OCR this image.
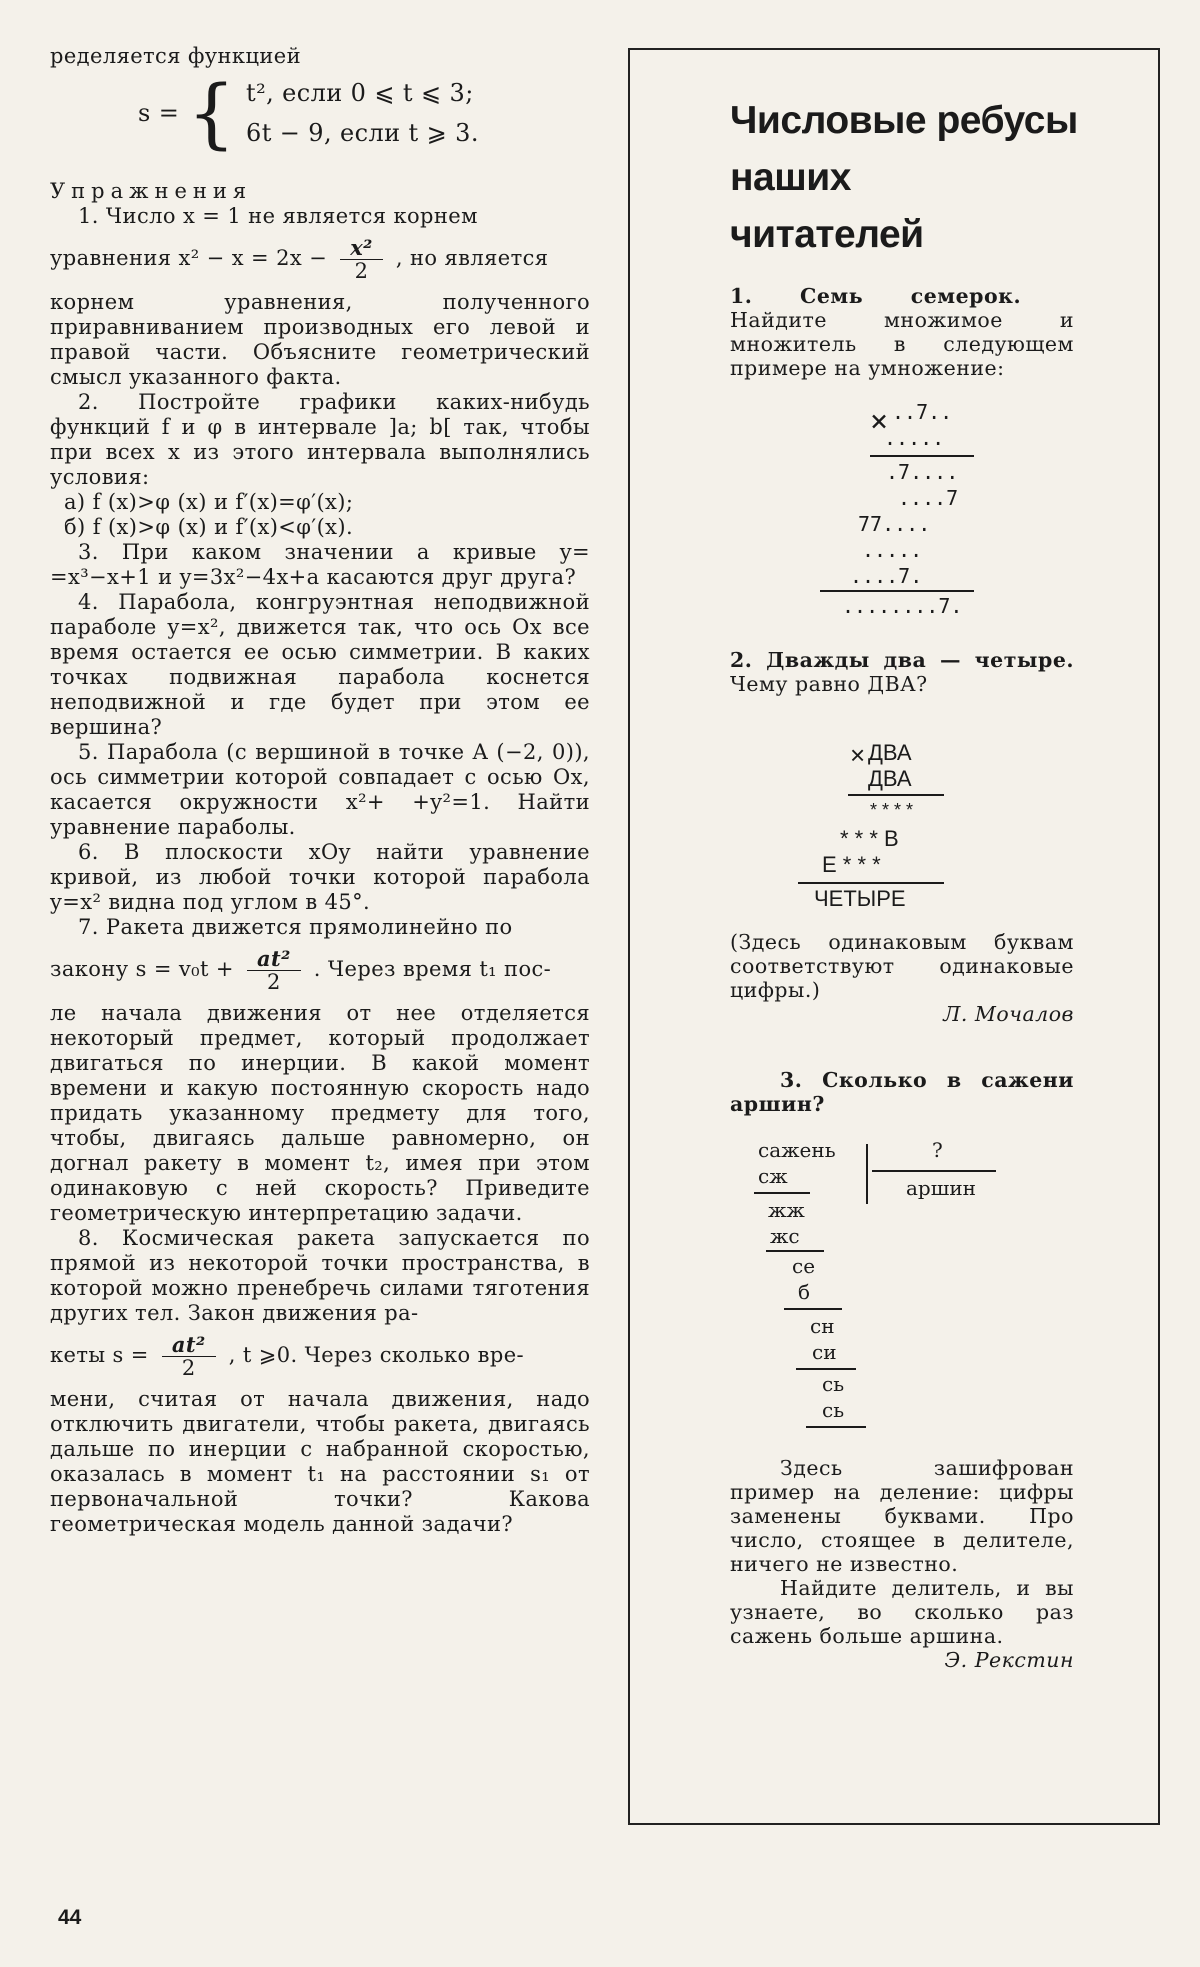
ределяется функцией

s = { t², если 0 ⩽ t ⩽ 3;
6t − 9, если t ⩾ 3.

Упражнения

1. Число x = 1 не является корнем

уравнения $x^2 - x = 2x - \frac{\text{x²}}{2}$ , но является

корнем уравнения, полученного приравниванием производных его левой и правой части. Объясните геометрический смысл указанного факта.

2. Постройте графики каких-нибудь функций f и φ в интервале ]a; b[ так, чтобы при всех x из этого интервала выполнялись условия:

а) f (x)>φ (x) и f′(x)=φ′(x);

б) f (x)>φ (x) и f′(x)<φ′(x).

3. При каком значении a кривые y= =x³−x+1 и y=3x²−4x+a касаются друг друга?

4. Парабола, конгруэнтная неподвижной параболе y=x², движется так, что ось Ox все время остается ее осью симметрии. В каких точках подвижная парабола коснется неподвижной и где будет при этом ее вершина?

5. Парабола (с вершиной в точке A (−2, 0)), ось симметрии которой совпадает с осью Ox, касается окружности x²+ +y²=1. Найти уравнение параболы.

6. В плоскости xOy найти уравнение кривой, из любой точки которой парабола y=x² видна под углом в 45°.

7. Ракета движется прямолинейно по

закону $s = v_0t + \frac{\text{at²}}{2}$ . Через время t₁ пос-

ле начала движения от нее отделяется некоторый предмет, который продолжает двигаться по инерции. В какой момент времени и какую постоянную скорость надо придать указанному предмету для того, чтобы, двигаясь дальше равномерно, он догнал ракету в момент t₂, имея при этом одинаковую с ней скорость? Приведите геометрическую интерпретацию задачи.

8. Космическая ракета запускается по прямой из некоторой точки пространства, в которой можно пренебречь силами тяготения других тел. Закон движения ра-

кеты $s = \frac{\text{at²}}{2}$ , t ⩾0. Через сколько вре-

мени, считая от начала движения, надо отключить двигатели, чтобы ракета, двигаясь дальше по инерции с набранной скоростью, оказалась в момент t₁ на расстоянии s₁ от первоначальной точки? Какова геометрическая модель данной задачи?

Числовые ребусы
наших
читателей

1. Семь семерок.

Найдите множимое и множитель в следующем примере на умножение:

× ..7..
.....
.7....
....7
77....
.....
....7.
........7.

2. Дважды два — четыре. Чему равно ДВА?

× ДВА
ДВА
* * * *
* * * В
Е * * *
ЧЕТЫРЕ

(Здесь одинаковым буквам соответствуют одинаковые цифры.)

Л. Мочалов

3. Сколько в сажени аршин?

сажень	?
аршин
сж
жж
жс
се
б
сн
си
сь
сь

Здесь зашифрован пример на деление: цифры заменены буквами. Про число, стоящее в делителе, ничего не известно.

Найдите делитель, и вы узнаете, во сколько раз сажень больше аршина.

Э. Рекстин

44
